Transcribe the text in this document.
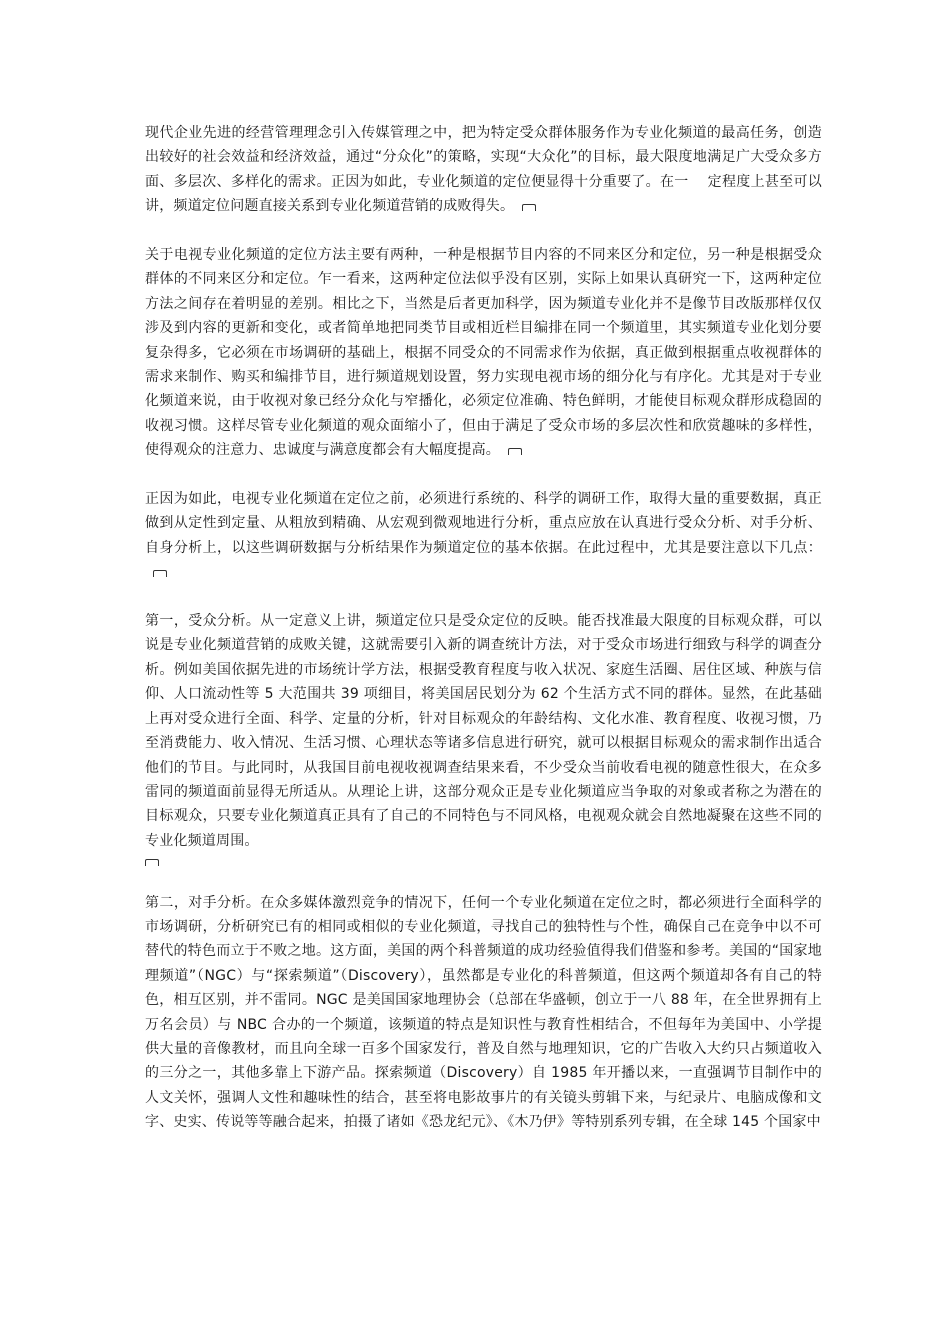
现代企业先进的经营管理理念引入传媒管理之中，把为特定受众群体服务作为专业化频道的最高任务，创造出较好的社会效益和经济效益，通过“分众化”的策略，实现“大众化”的目标，最大限度地满足广大受众多方面、多层次、多样化的需求。正因为如此，专业化频道的定位便显得十分重要了。在一　 定程度上甚至可以讲，频道定位问题直接关系到专业化频道营销的成败得失。

关于电视专业化频道的定位方法主要有两种，一种是根据节目内容的不同来区分和定位，另一种是根据受众群体的不同来区分和定位。乍一看来，这两种定位法似乎没有区别，实际上如果认真研究一下，这两种定位方法之间存在着明显的差别。相比之下，当然是后者更加科学，因为频道专业化并不是像节目改版那样仅仅涉及到内容的更新和变化，或者简单地把同类节目或相近栏目编排在同一个频道里，其实频道专业化划分要复杂得多，它必须在市场调研的基础上，根据不同受众的不同需求作为依据，真正做到根据重点收视群体的需求来制作、购买和编排节目，进行频道规划设置，努力实现电视市场的细分化与有序化。尤其是对于专业化频道来说，由于收视对象已经分众化与窄播化，必须定位准确、特色鲜明，才能使目标观众群形成稳固的收视习惯。这样尽管专业化频道的观众面缩小了，但由于满足了受众市场的多层次性和欣赏趣味的多样性，使得观众的注意力、忠诚度与满意度都会有大幅度提高。

正因为如此，电视专业化频道在定位之前，必须进行系统的、科学的调研工作，取得大量的重要数据，真正做到从定性到定量、从粗放到精确、从宏观到微观地进行分析，重点应放在认真进行受众分析、对手分析、自身分析上，以这些调研数据与分析结果作为频道定位的基本依据。在此过程中，尤其是要注意以下几点：

第一，受众分析。从一定意义上讲，频道定位只是受众定位的反映。能否找准最大限度的目标观众群，可以说是专业化频道营销的成败关键，这就需要引入新的调查统计方法，对于受众市场进行细致与科学的调查分析。例如美国依据先进的市场统计学方法，根据受教育程度与收入状况、家庭生活圈、居住区域、种族与信仰、人口流动性等 5 大范围共 39 项细目，将美国居民划分为 62 个生活方式不同的群体。显然，在此基础上再对受众进行全面、科学、定量的分析，针对目标观众的年龄结构、文化水准、教育程度、收视习惯，乃至消费能力、收入情况、生活习惯、心理状态等诸多信息进行研究，就可以根据目标观众的需求制作出适合他们的节目。与此同时，从我国目前电视收视调查结果来看，不少受众当前收看电视的随意性很大，在众多雷同的频道面前显得无所适从。从理论上讲，这部分观众正是专业化频道应当争取的对象或者称之为潜在的目标观众，只要专业化频道真正具有了自己的不同特色与不同风格，电视观众就会自然地凝聚在这些不同的专业化频道周围。

第二，对手分析。在众多媒体激烈竞争的情况下，任何一个专业化频道在定位之时，都必须进行全面科学的市场调研，分析研究已有的相同或相似的专业化频道，寻找自己的独特性与个性，确保自己在竞争中以不可替代的特色而立于不败之地。这方面，美国的两个科普频道的成功经验值得我们借鉴和参考。美国的“国家地理频道”（NGC）与“探索频道”（Discovery），虽然都是专业化的科普频道，但这两个频道却各有自己的特色，相互区别，并不雷同。NGC 是美国国家地理协会（总部在华盛顿，创立于一八 88 年，在全世界拥有上万名会员）与 NBC 合办的一个频道，该频道的特点是知识性与教育性相结合，不但每年为美国中、小学提供大量的音像教材，而且向全球一百多个国家发行，普及自然与地理知识，它的广告收入大约只占频道收入的三分之一，其他多靠上下游产品。探索频道（Discovery）自 1985 年开播以来，一直强调节目制作中的人文关怀，强调人文性和趣味性的结合，甚至将电影故事片的有关镜头剪辑下来，与纪录片、电脑成像和文字、史实、传说等等融合起来，拍摄了诸如《恐龙纪元》、《木乃伊》等特别系列专辑，在全球 145 个国家中
